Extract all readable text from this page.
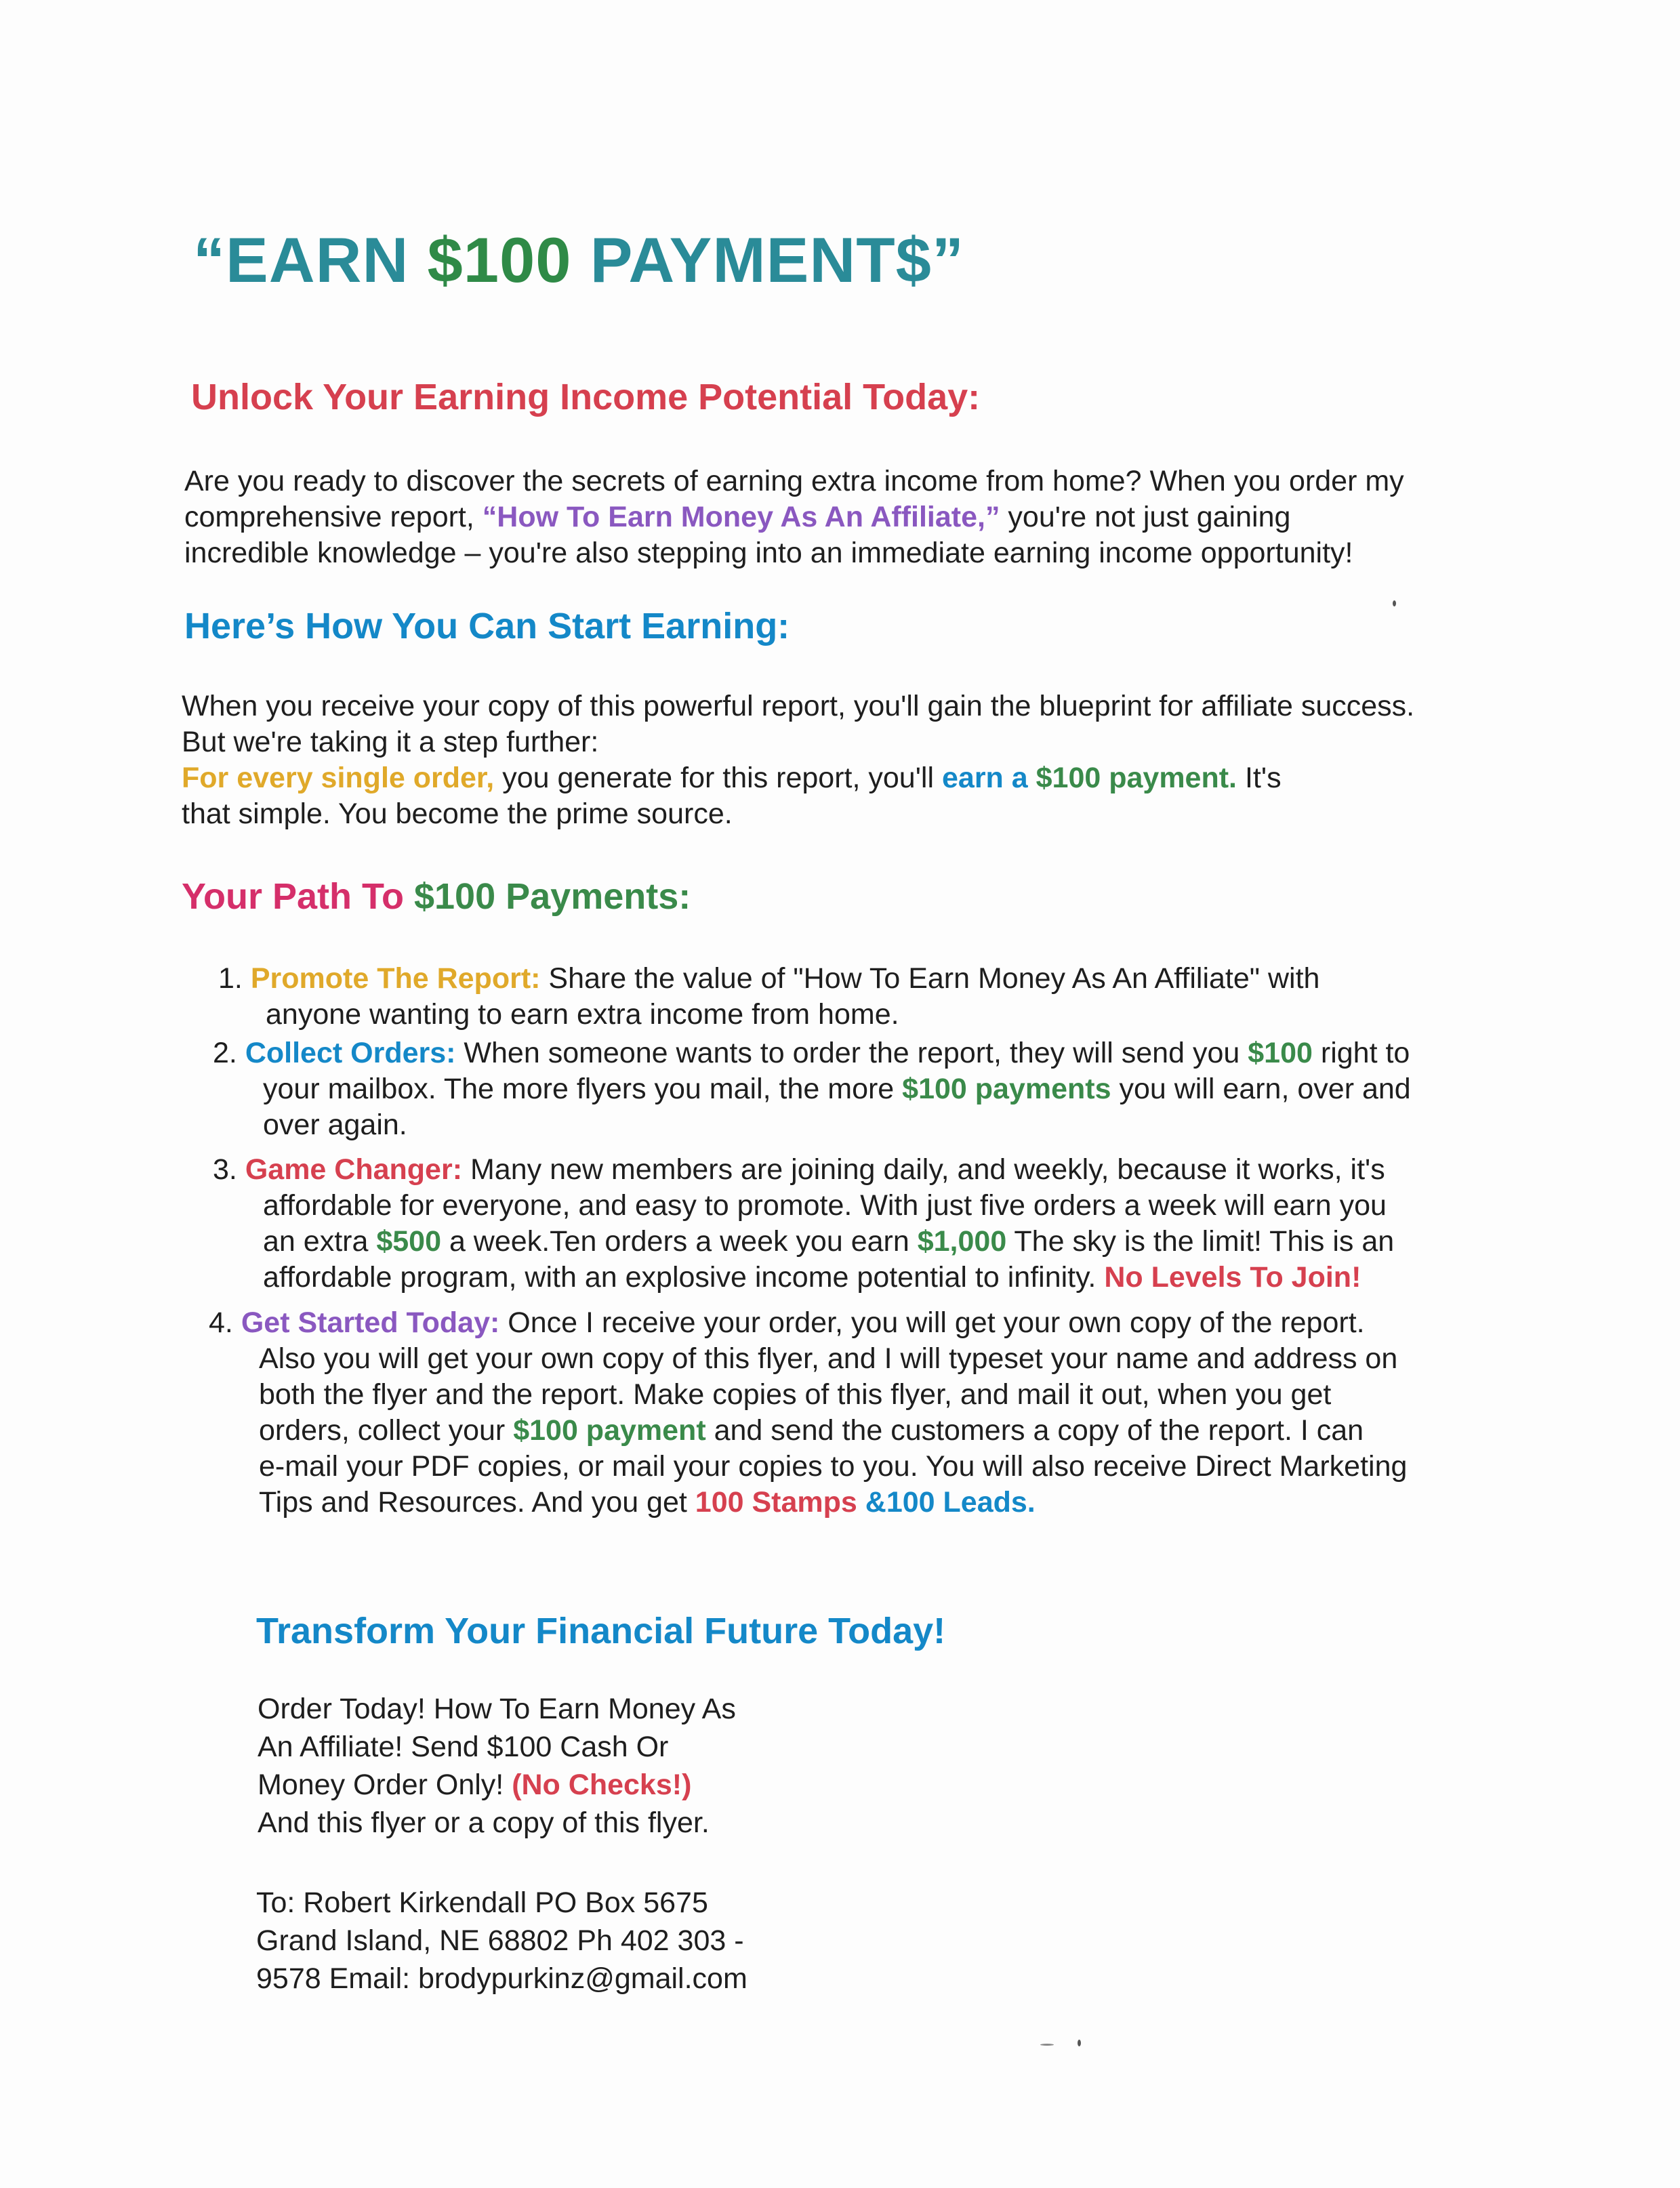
“EARN $100 PAYMENT$”
Unlock Your Earning Income Potential Today:
Are you ready to discover the secrets of earning extra income from home? When you order my
comprehensive report, “How To Earn Money As An Affiliate,” you're not just gaining
incredible knowledge – you're also stepping into an immediate earning income opportunity!
Here’s How You Can Start Earning:
When you receive your copy of this powerful report, you'll gain the blueprint for affiliate success.
But we're taking it a step further:
For every single order, you generate for this report, you'll earn a $100 payment. It's
that simple. You become the prime source.
Your Path To $100 Payments:
1. Promote The Report: Share the value of "How To Earn Money As An Affiliate" with
anyone wanting to earn extra income from home.
2. Collect Orders: When someone wants to order the report, they will send you $100 right to
your mailbox. The more flyers you mail, the more $100 payments you will earn, over and
over again.
3. Game Changer: Many new members are joining daily, and weekly, because it works, it's
affordable for everyone, and easy to promote. With just five orders a week will earn you
an extra $500 a week.Ten orders a week you earn $1,000 The sky is the limit! This is an
affordable program, with an explosive income potential to infinity. No Levels To Join!
4. Get Started Today: Once I receive your order, you will get your own copy of the report.
Also you will get your own copy of this flyer, and I will typeset your name and address on
both the flyer and the report. Make copies of this flyer, and mail it out, when you get
orders, collect your $100 payment and send the customers a copy of the report. I can
e-mail your PDF copies, or mail your copies to you. You will also receive Direct Marketing
Tips and Resources. And you get 100 Stamps &100 Leads.
Transform Your Financial Future Today!
Order Today! How To Earn Money As
An Affiliate! Send $100 Cash Or
Money Order Only! (No Checks!)
And this flyer or a copy of this flyer.
To: Robert Kirkendall PO Box 5675
Grand Island, NE 68802 Ph 402 303 -
9578 Email: brodypurkinz@gmail.com
